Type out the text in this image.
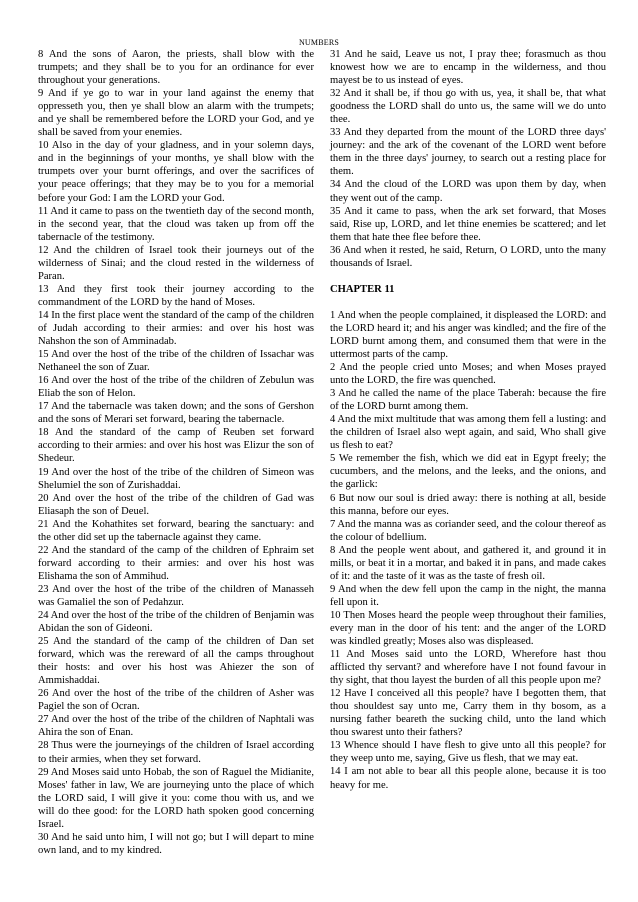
NUMBERS

8 And the sons of Aaron, the priests, shall blow with the trumpets; and they shall be to you for an ordinance for ever throughout your generations.

9 And if ye go to war in your land against the enemy that oppresseth you, then ye shall blow an alarm with the trumpets; and ye shall be remembered before the LORD your God, and ye shall be saved from your enemies.

10 Also in the day of your gladness, and in your solemn days, and in the beginnings of your months, ye shall blow with the trumpets over your burnt offerings, and over the sacrifices of your peace offerings; that they may be to you for a memorial before your God: I am the LORD your God.

11 And it came to pass on the twentieth day of the second month, in the second year, that the cloud was taken up from off the tabernacle of the testimony.

12 And the children of Israel took their journeys out of the wilderness of Sinai; and the cloud rested in the wilderness of Paran.

13 And they first took their journey according to the commandment of the LORD by the hand of Moses.

14 In the first place went the standard of the camp of the children of Judah according to their armies: and over his host was Nahshon the son of Amminadab.

15 And over the host of the tribe of the children of Issachar was Nethaneel the son of Zuar.

16 And over the host of the tribe of the children of Zebulun was Eliab the son of Helon.

17 And the tabernacle was taken down; and the sons of Gershon and the sons of Merari set forward, bearing the tabernacle.

18 And the standard of the camp of Reuben set forward according to their armies: and over his host was Elizur the son of Shedeur.

19 And over the host of the tribe of the children of Simeon was Shelumiel the son of Zurishaddai.

20 And over the host of the tribe of the children of Gad was Eliasaph the son of Deuel.

21 And the Kohathites set forward, bearing the sanctuary: and the other did set up the tabernacle against they came.

22 And the standard of the camp of the children of Ephraim set forward according to their armies: and over his host was Elishama the son of Ammihud.

23 And over the host of the tribe of the children of Manasseh was Gamaliel the son of Pedahzur.

24 And over the host of the tribe of the children of Benjamin was Abidan the son of Gideoni.

25 And the standard of the camp of the children of Dan set forward, which was the rereward of all the camps throughout their hosts: and over his host was Ahiezer the son of Ammishaddai.

26 And over the host of the tribe of the children of Asher was Pagiel the son of Ocran.

27 And over the host of the tribe of the children of Naphtali was Ahira the son of Enan.

28 Thus were the journeyings of the children of Israel according to their armies, when they set forward.

29 And Moses said unto Hobab, the son of Raguel the Midianite, Moses' father in law, We are journeying unto the place of which the LORD said, I will give it you: come thou with us, and we will do thee good: for the LORD hath spoken good concerning Israel.

30 And he said unto him, I will not go; but I will depart to mine own land, and to my kindred.

31 And he said, Leave us not, I pray thee; forasmuch as thou knowest how we are to encamp in the wilderness, and thou mayest be to us instead of eyes.

32 And it shall be, if thou go with us, yea, it shall be, that what goodness the LORD shall do unto us, the same will we do unto thee.

33 And they departed from the mount of the LORD three days' journey: and the ark of the covenant of the LORD went before them in the three days' journey, to search out a resting place for them.

34 And the cloud of the LORD was upon them by day, when they went out of the camp.

35 And it came to pass, when the ark set forward, that Moses said, Rise up, LORD, and let thine enemies be scattered; and let them that hate thee flee before thee.

36 And when it rested, he said, Return, O LORD, unto the many thousands of Israel.

CHAPTER 11

1 And when the people complained, it displeased the LORD: and the LORD heard it; and his anger was kindled; and the fire of the LORD burnt among them, and consumed them that were in the uttermost parts of the camp.

2 And the people cried unto Moses; and when Moses prayed unto the LORD, the fire was quenched.

3 And he called the name of the place Taberah: because the fire of the LORD burnt among them.

4 And the mixt multitude that was among them fell a lusting: and the children of Israel also wept again, and said, Who shall give us flesh to eat?

5 We remember the fish, which we did eat in Egypt freely; the cucumbers, and the melons, and the leeks, and the onions, and the garlick:

6 But now our soul is dried away: there is nothing at all, beside this manna, before our eyes.

7 And the manna was as coriander seed, and the colour thereof as the colour of bdellium.

8 And the people went about, and gathered it, and ground it in mills, or beat it in a mortar, and baked it in pans, and made cakes of it: and the taste of it was as the taste of fresh oil.

9 And when the dew fell upon the camp in the night, the manna fell upon it.

10 Then Moses heard the people weep throughout their families, every man in the door of his tent: and the anger of the LORD was kindled greatly; Moses also was displeased.

11 And Moses said unto the LORD, Wherefore hast thou afflicted thy servant? and wherefore have I not found favour in thy sight, that thou layest the burden of all this people upon me?

12 Have I conceived all this people? have I begotten them, that thou shouldest say unto me, Carry them in thy bosom, as a nursing father beareth the sucking child, unto the land which thou swarest unto their fathers?

13 Whence should I have flesh to give unto all this people? for they weep unto me, saying, Give us flesh, that we may eat.

14 I am not able to bear all this people alone, because it is too heavy for me.
